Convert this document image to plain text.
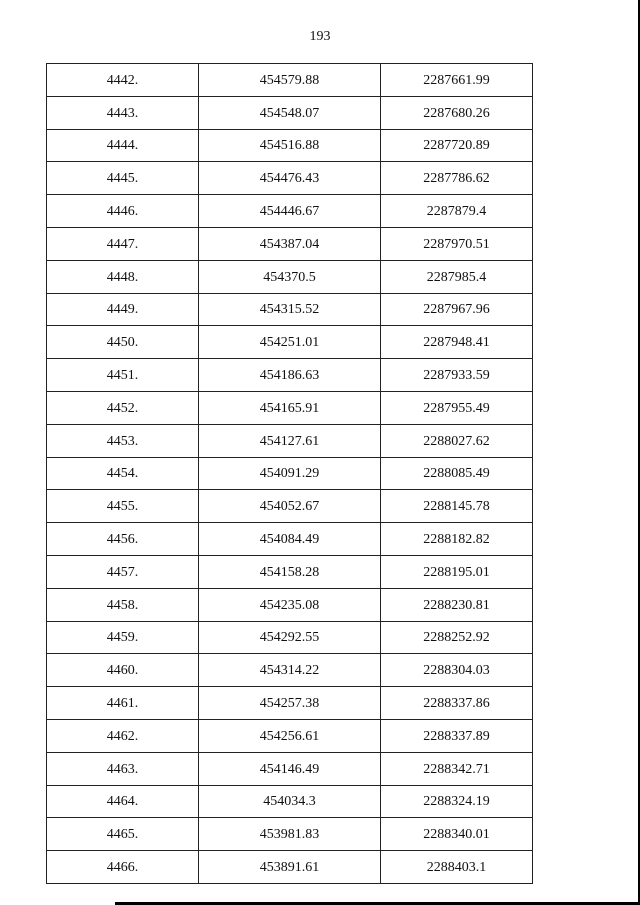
193
4442.	454579.88	2287661.99
4443.	454548.07	2287680.26
4444.	454516.88	2287720.89
4445.	454476.43	2287786.62
4446.	454446.67	2287879.4
4447.	454387.04	2287970.51
4448.	454370.5	2287985.4
4449.	454315.52	2287967.96
4450.	454251.01	2287948.41
4451.	454186.63	2287933.59
4452.	454165.91	2287955.49
4453.	454127.61	2288027.62
4454.	454091.29	2288085.49
4455.	454052.67	2288145.78
4456.	454084.49	2288182.82
4457.	454158.28	2288195.01
4458.	454235.08	2288230.81
4459.	454292.55	2288252.92
4460.	454314.22	2288304.03
4461.	454257.38	2288337.86
4462.	454256.61	2288337.89
4463.	454146.49	2288342.71
4464.	454034.3	2288324.19
4465.	453981.83	2288340.01
4466.	453891.61	2288403.1
